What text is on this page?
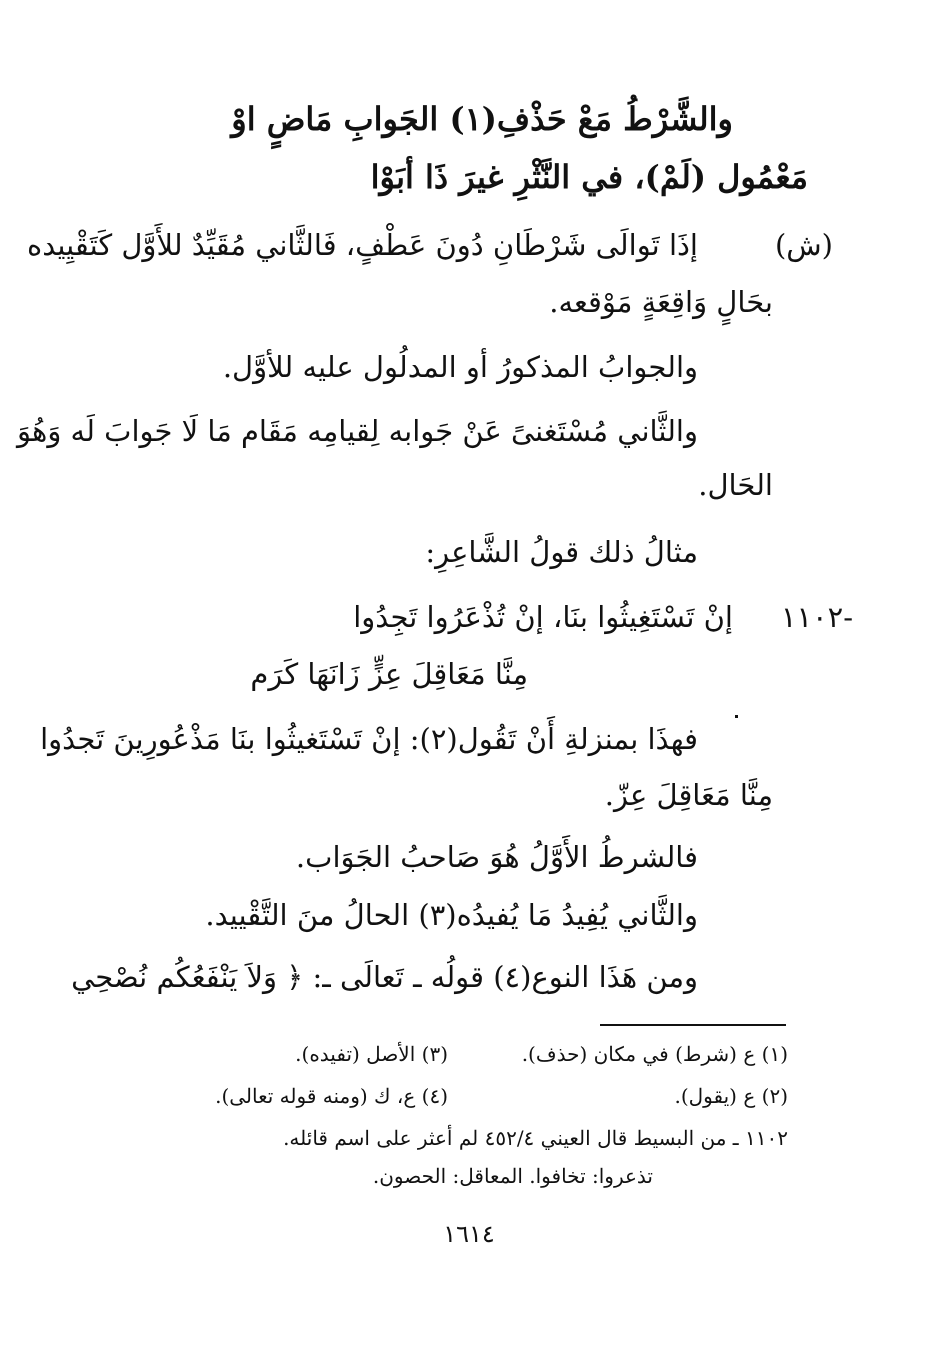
والشَّرْطُ مَعْ حَذْفِ(١) الجَوابِ مَاضٍ اوْ
مَعْمُول (لَمْ)، في النَّثْرِ غيرَ ذَا أبَوْا
(ش)
إذَا تَوالَى شَرْطَانِ دُونَ عَطْفٍ، فَالثَّاني مُقَيِّدٌ للأَوَّل كَتَقْيِيده
بحَالٍ وَاقِعَةٍ مَوْقعه.
والجوابُ المذكورُ أو المدلُول عليه للأوَّل.
والثَّاني مُسْتَغنىً عَنْ جَوابه لِقيامِه مَقَام مَا لَا جَوابَ لَه وَهُوَ
الحَال.
مثالُ ذلك قولُ الشَّاعِرِ:
١١٠٢-
إنْ تَسْتَغِيثُوا بنَا، إنْ تُذْعَرُوا تَجِدُوا
مِنَّا مَعَاقِلَ عِزٍّ زَانَهَا كَرَم
فهذَا بمنزلةِ أَنْ تَقُول(٢): إنْ تَسْتَغيثُوا بنَا مَذْعُورِينَ تَجدُوا
مِنَّا مَعَاقِلَ عِزّ.
فالشرطُ الأَوَّلُ هُوَ صَاحبُ الجَوَاب.
والثَّاني يُفِيدُ مَا يُفيدُه(٣) الحالُ منَ التَّقْييد.
ومن هَذَا النوع(٤) قولُه ـ تَعالَى ـ: ﴿ وَلاَ يَنْفَعُكُم نُصْحِي
(١) ع (شرط) في مكان (حذف).
(٣) الأصل (تفيده).
(٢) ع (يقول).
(٤) ع، ك (ومنه قوله تعالى).
١١٠٢ ـ من البسيط قال العيني ٤٥٢/٤ لم أعثر على اسم قائله.
تذعروا: تخافوا. المعاقل: الحصون.
١٦١٤
